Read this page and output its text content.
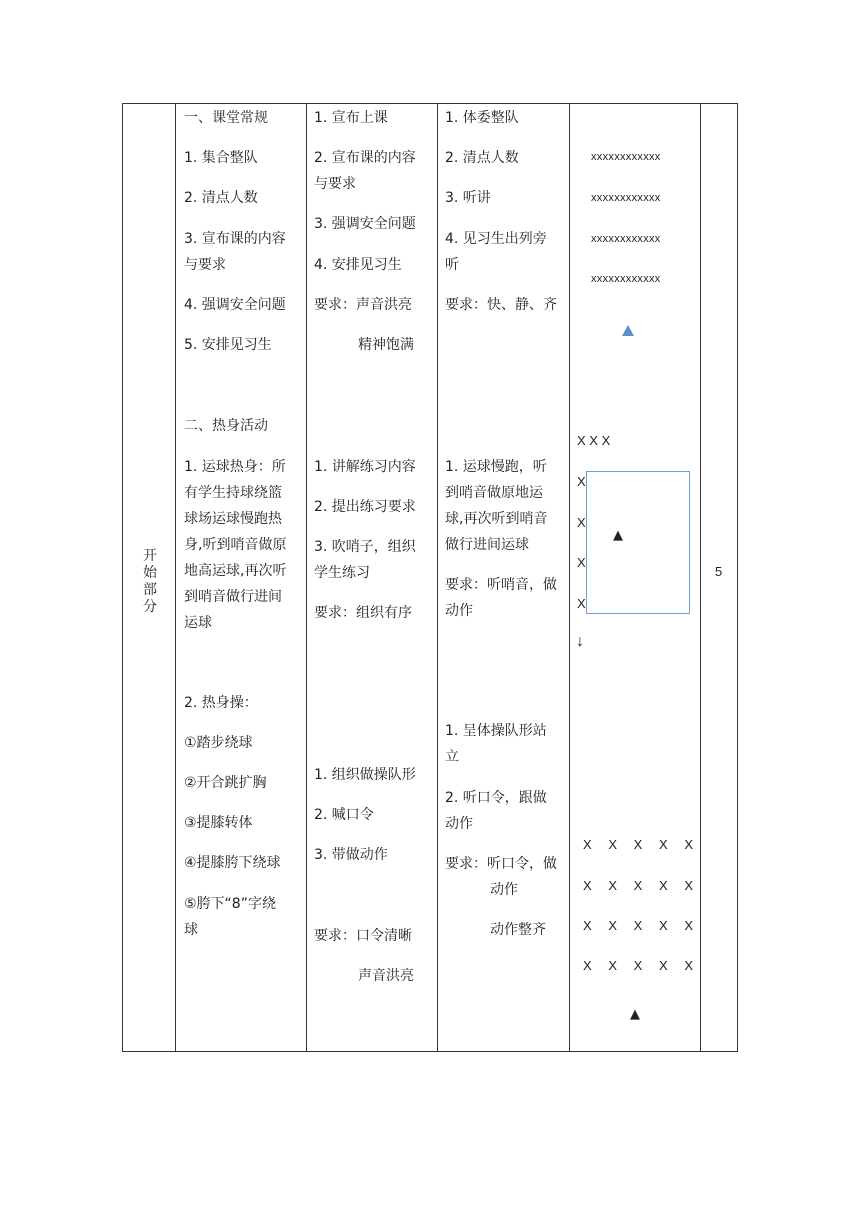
开始部分
一、课堂常规
1. 集合整队
2. 清点人数
3. 宣布课的内容
与要求
4. 强调安全问题
5. 安排见习生
二、热身活动
1. 运球热身：所
有学生持球绕篮
球场运球慢跑热
身,听到哨音做原
地高运球,再次听
到哨音做行进间
运球
2. 热身操：
①踏步绕球
②开合跳扩胸
③提膝转体
④提膝胯下绕球
⑤胯下“8”字绕
球
1. 宣布上课
2. 宣布课的内容
与要求
3. 强调安全问题
4. 安排见习生
要求：声音洪亮
精神饱满
1. 讲解练习内容
2. 提出练习要求
3. 吹哨子，组织
学生练习
要求：组织有序
1. 组织做操队形
2. 喊口令
3. 带做动作
要求：口令清晰
声音洪亮
1. 体委整队
2. 清点人数
3. 听讲
4. 见习生出列旁
听
要求：快、静、齐
1. 运球慢跑，听
到哨音做原地运
球,再次听到哨音
做行进间运球
要求：听哨音，做
动作
1. 呈体操队形站
立
2. 听口令，跟做
动作
要求：听口令，做
动作
动作整齐
xxxxxxxxxxxx
xxxxxxxxxxxx
xxxxxxxxxxxx
xxxxxxxxxxxx
X X X
X
X
X
X
↓
▲
X X X X X
X X X X X
X X X X X
X X X X X
▲
5
